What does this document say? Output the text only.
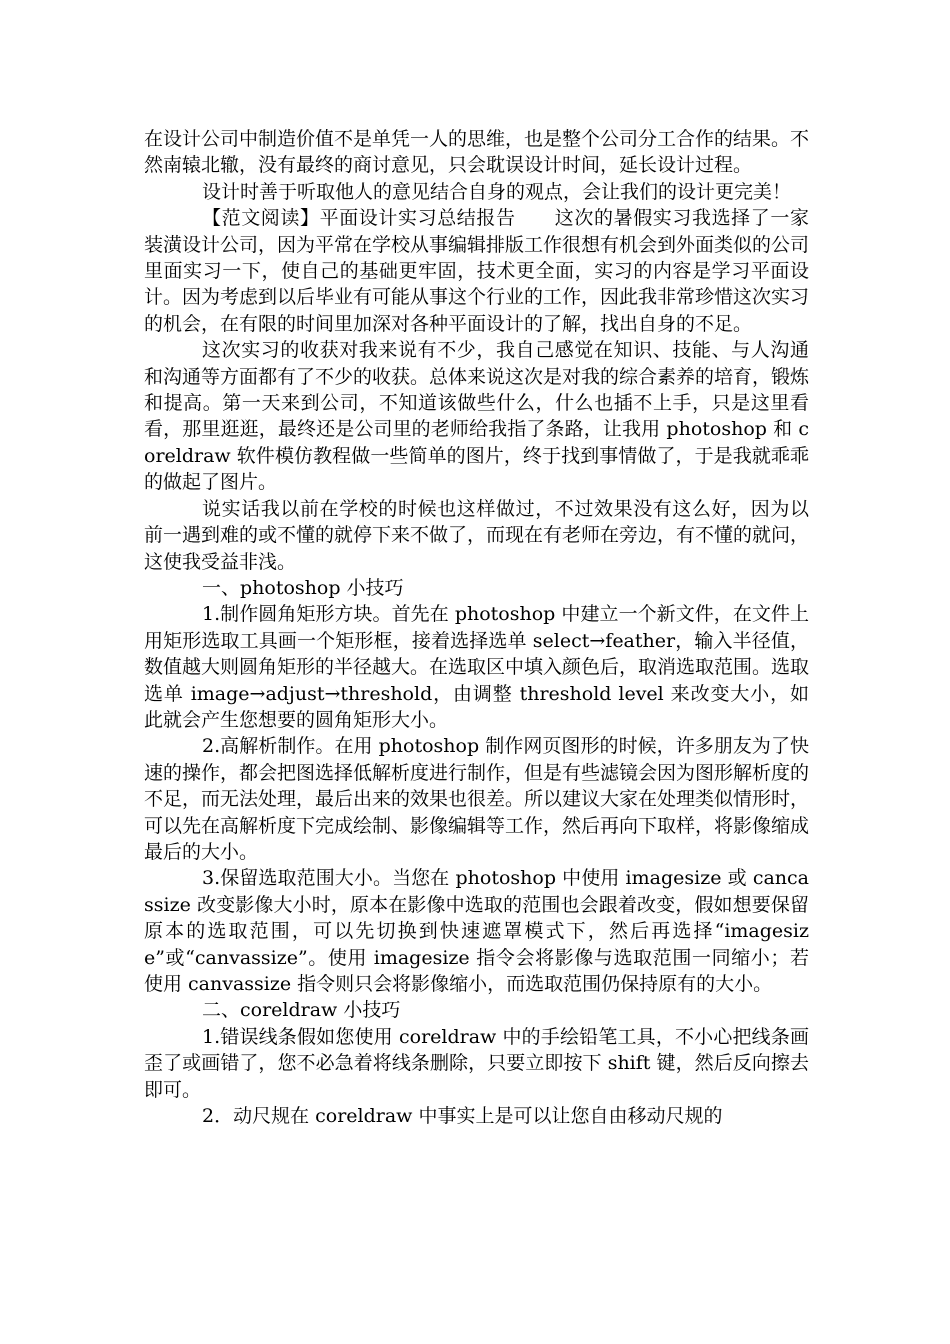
在设计公司中制造价值不是单凭一人的思维，也是整个公司分工合作的结果。不然南辕北辙，没有最终的商讨意见，只会耽误设计时间，延长设计过程。

设计时善于听取他人的意见结合自身的观点，会让我们的设计更完美！

【范文阅读】平面设计实习总结报告　　这次的暑假实习我选择了一家装潢设计公司，因为平常在学校从事编辑排版工作很想有机会到外面类似的公司里面实习一下，使自己的基础更牢固，技术更全面，实习的内容是学习平面设计。因为考虑到以后毕业有可能从事这个行业的工作，因此我非常珍惜这次实习的机会，在有限的时间里加深对各种平面设计的了解，找出自身的不足。

这次实习的收获对我来说有不少，我自己感觉在知识、技能、与人沟通和沟通等方面都有了不少的收获。总体来说这次是对我的综合素养的培育，锻炼和提高。第一天来到公司，不知道该做些什么，什么也插不上手，只是这里看看，那里逛逛，最终还是公司里的老师给我指了条路，让我用 photoshop 和 coreldraw 软件模仿教程做一些简单的图片，终于找到事情做了，于是我就乖乖的做起了图片。

说实话我以前在学校的时候也这样做过，不过效果没有这么好，因为以前一遇到难的或不懂的就停下来不做了，而现在有老师在旁边，有不懂的就问，这使我受益非浅。

一、photoshop 小技巧

1.制作圆角矩形方块。首先在 photoshop 中建立一个新文件，在文件上用矩形选取工具画一个矩形框，接着选择选单 select→feather，输入半径值，数值越大则圆角矩形的半径越大。在选取区中填入颜色后，取消选取范围。选取选单 image→adjust→threshold，由调整 threshold level 来改变大小，如此就会产生您想要的圆角矩形大小。

2.高解析制作。在用 photoshop 制作网页图形的时候，许多朋友为了快速的操作，都会把图选择低解析度进行制作，但是有些滤镜会因为图形解析度的不足，而无法处理，最后出来的效果也很差。所以建议大家在处理类似情形时，可以先在高解析度下完成绘制、影像编辑等工作，然后再向下取样，将影像缩成最后的大小。

3.保留选取范围大小。当您在 photoshop 中使用 imagesize 或 cancassize 改变影像大小时，原本在影像中选取的范围也会跟着改变，假如想要保留原本的选取范围，可以先切换到快速遮罩模式下，然后再选择“imagesize”或“canvassize”。使用 imagesize 指令会将影像与选取范围一同缩小；若使用 canvassize 指令则只会将影像缩小，而选取范围仍保持原有的大小。

二、coreldraw 小技巧

1.错误线条假如您使用 coreldraw 中的手绘铅笔工具，不小心把线条画歪了或画错了，您不必急着将线条删除，只要立即按下 shift 键，然后反向擦去即可。

2．动尺规在 coreldraw 中事实上是可以让您自由移动尺规的
